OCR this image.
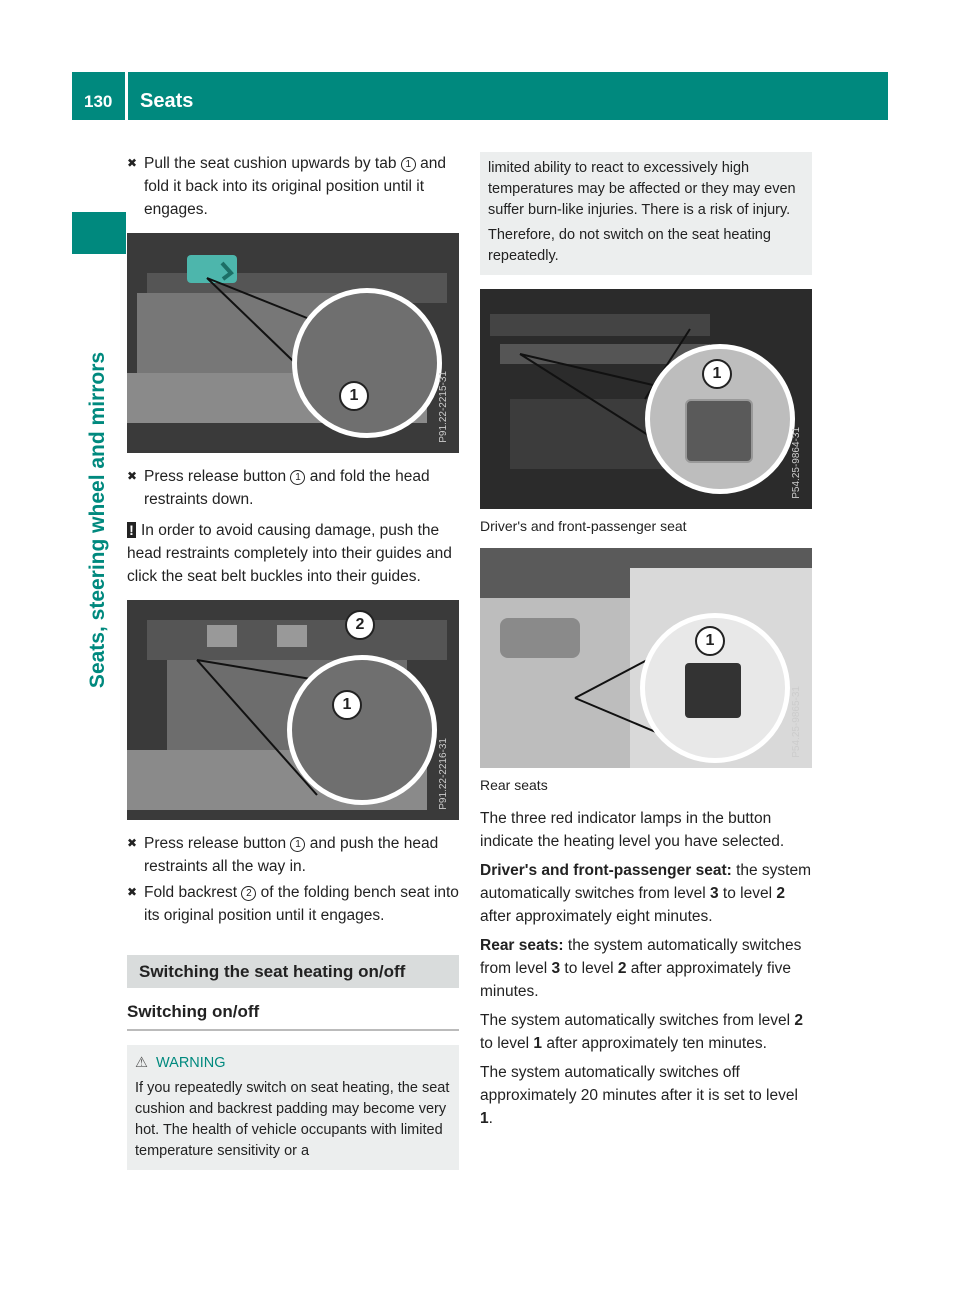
130 Seats
Seats, steering wheel and mirrors
✖ Pull the seat cushion upwards by tab 1 and fold it back into its original position until it engages.
1	P91.22-2215-31
✖ Press release button 1 and fold the head restraints down.
! In order to avoid causing damage, push the head restraints completely into their guides and click the seat belt buckles into their guides.
2
1
P91.22-2216-31
✖ Press release button 1 and push the head restraints all the way in.
✖ Fold backrest 2 of the folding bench seat into its original position until it engages.
Switching the seat heating on/off
Switching on/off
⚠ WARNING
If you repeatedly switch on seat heating, the seat cushion and backrest padding may become very hot. The health of vehicle occupants with limited temperature sensitivity or a
limited ability to react to excessively high temperatures may be affected or they may even suffer burn-like injuries. There is a risk of injury.
Therefore, do not switch on the seat heating repeatedly.
1
P54.25-9864-31
Driver's and front-passenger seat
1
P54.25-9865-31
Rear seats
The three red indicator lamps in the button indicate the heating level you have selected.
Driver's and front-passenger seat: the system automatically switches from level 3 to level 2 after approximately eight minutes.
Rear seats: the system automatically switches from level 3 to level 2 after approximately five minutes.
The system automatically switches from level 2 to level 1 after approximately ten minutes.
The system automatically switches off approximately 20 minutes after it is set to level 1.
